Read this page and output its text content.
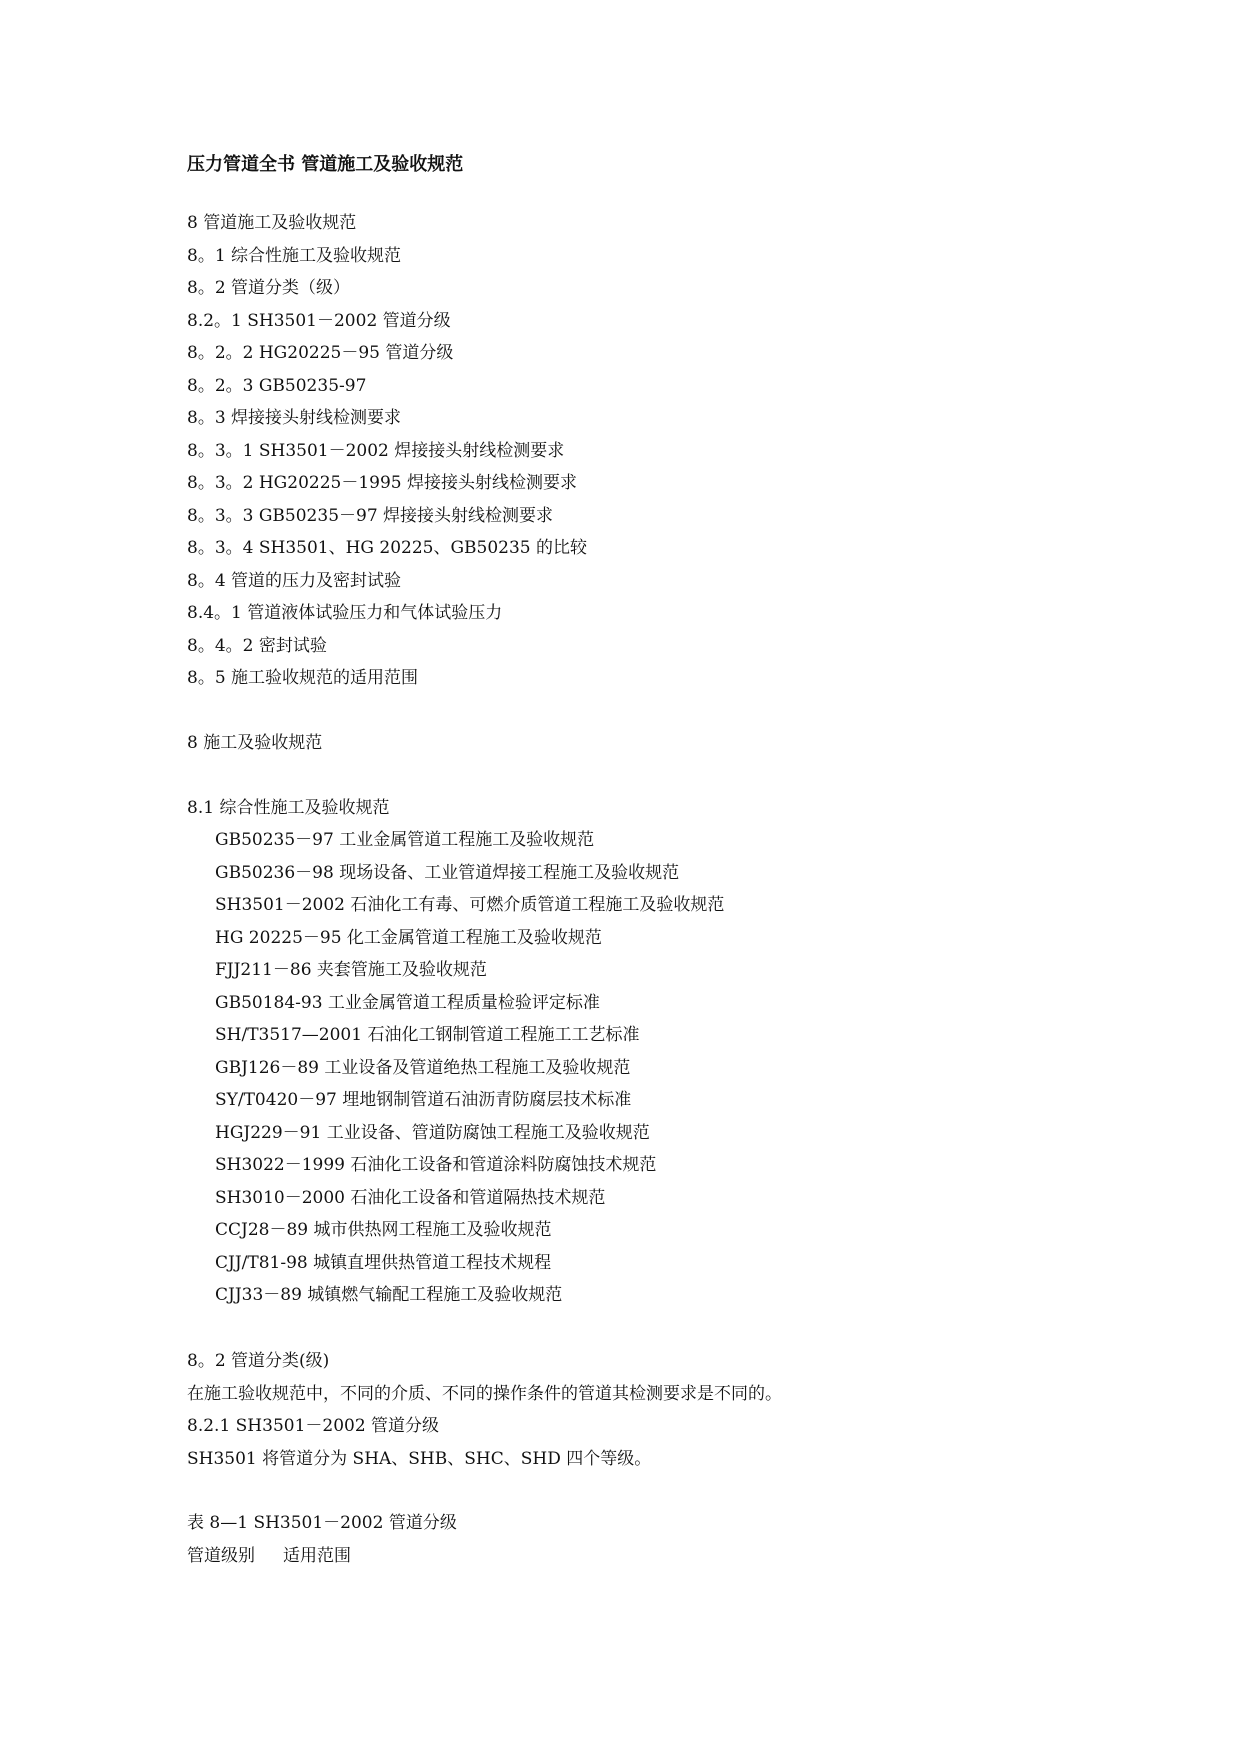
压力管道全书 管道施工及验收规范
8 管道施工及验收规范
8。1 综合性施工及验收规范
8。2 管道分类（级）
8.2。1 SH3501－2002 管道分级
8。2。2 HG20225－95 管道分级
8。2。3 GB50235-97
8。3 焊接接头射线检测要求
8。3。1 SH3501－2002 焊接接头射线检测要求
8。3。2 HG20225－1995 焊接接头射线检测要求
8。3。3 GB50235－97 焊接接头射线检测要求
8。3。4 SH3501、HG 20225、GB50235 的比较
8。4 管道的压力及密封试验
8.4。1 管道液体试验压力和气体试验压力
8。4。2 密封试验
8。5 施工验收规范的适用范围
8 施工及验收规范
8.1 综合性施工及验收规范
GB50235－97 工业金属管道工程施工及验收规范
GB50236－98 现场设备、工业管道焊接工程施工及验收规范
SH3501－2002 石油化工有毒、可燃介质管道工程施工及验收规范
HG 20225－95 化工金属管道工程施工及验收规范
FJJ211－86 夹套管施工及验收规范
GB50184-93 工业金属管道工程质量检验评定标准
SH/T3517—2001 石油化工钢制管道工程施工工艺标准
GBJ126－89 工业设备及管道绝热工程施工及验收规范
SY/T0420－97 埋地钢制管道石油沥青防腐层技术标准
HGJ229－91 工业设备、管道防腐蚀工程施工及验收规范
SH3022－1999 石油化工设备和管道涂料防腐蚀技术规范
SH3010－2000 石油化工设备和管道隔热技术规范
CCJ28－89 城市供热网工程施工及验收规范
CJJ/T81-98 城镇直埋供热管道工程技术规程
CJJ33－89 城镇燃气输配工程施工及验收规范
8。2 管道分类(级)
在施工验收规范中，不同的介质、不同的操作条件的管道其检测要求是不同的。
8.2.1 SH3501－2002 管道分级
SH3501 将管道分为 SHA、SHB、SHC、SHD 四个等级。
表 8—1 SH3501－2002 管道分级
管道级别 适用范围
